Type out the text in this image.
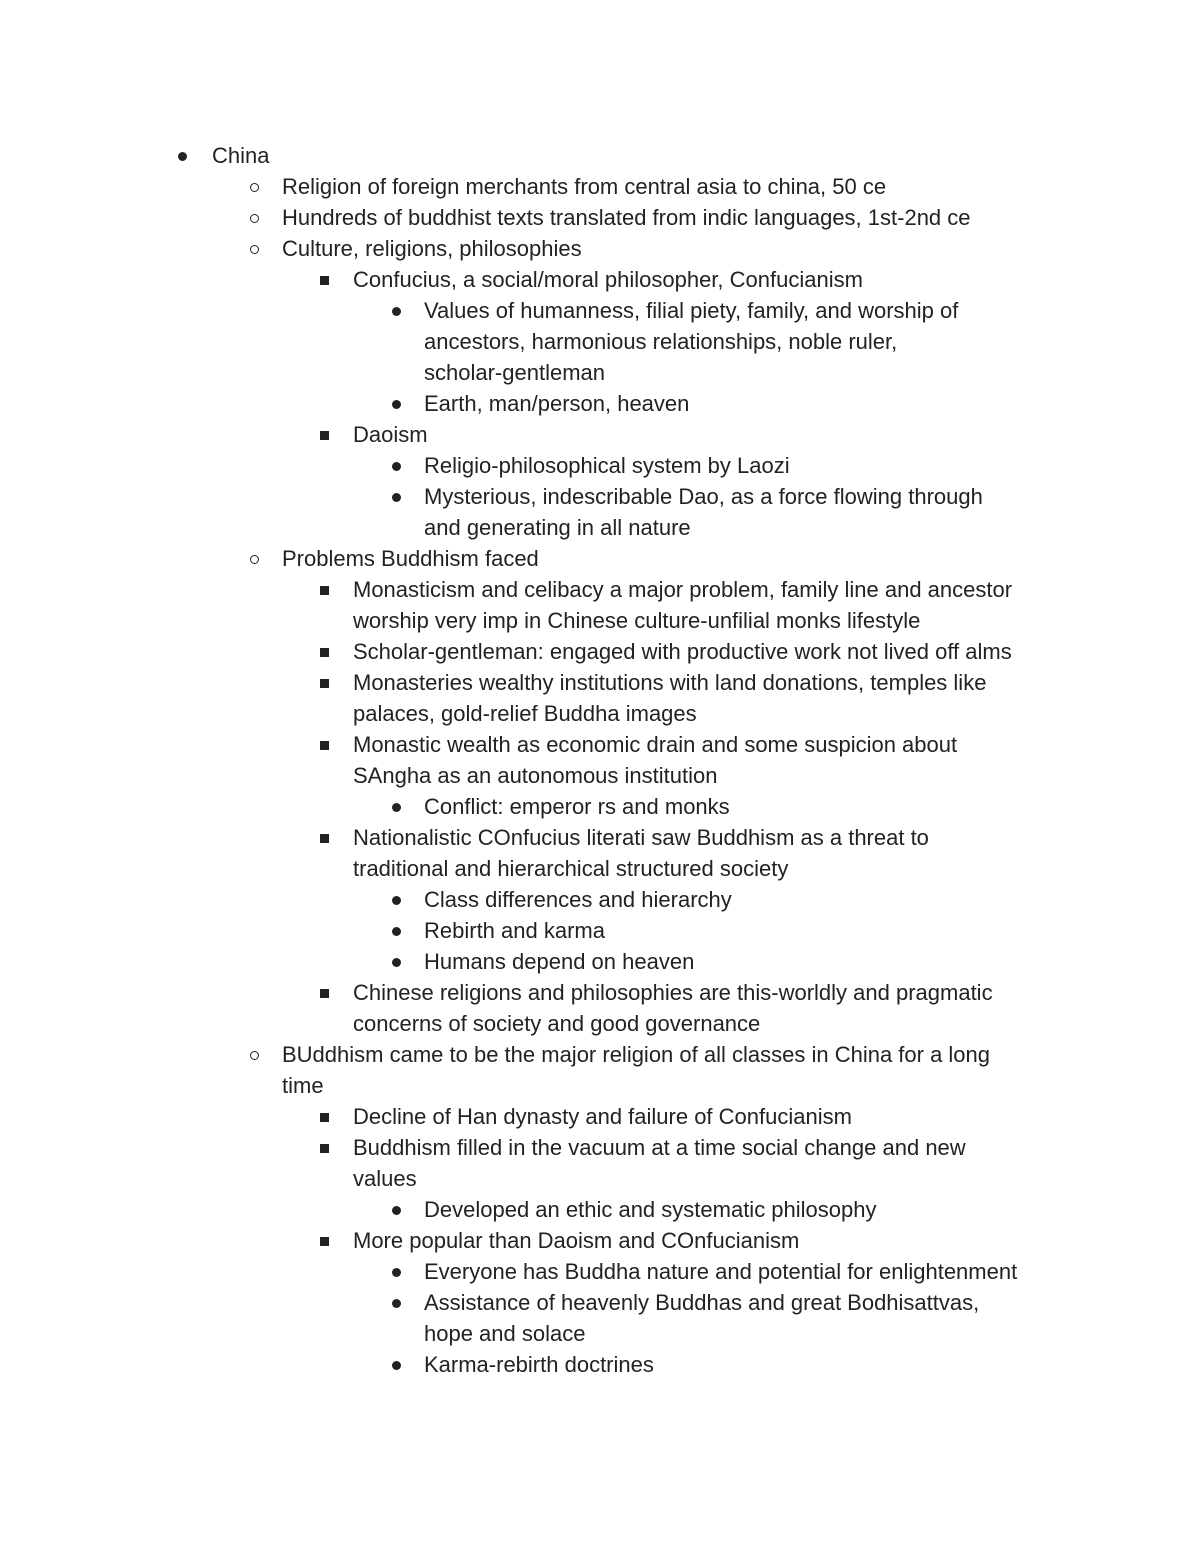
China
Religion of foreign merchants from central asia to china, 50 ce
Hundreds of buddhist texts translated from indic languages, 1st-2nd ce
Culture, religions, philosophies
Confucius, a social/moral philosopher, Confucianism
Values of humanness, filial piety, family, and worship of
ancestors, harmonious relationships, noble ruler,
scholar-gentleman
Earth, man/person, heaven
Daoism
Religio-philosophical system by Laozi
Mysterious, indescribable Dao, as a force flowing through
and generating in all nature
Problems Buddhism faced
Monasticism and celibacy a major problem, family line and ancestor
worship very imp in Chinese culture-unfilial monks lifestyle
Scholar-gentleman: engaged with productive work not lived off alms
Monasteries wealthy institutions with land donations, temples like
palaces, gold-relief Buddha images
Monastic wealth as economic drain and some suspicion about
SAngha as an autonomous institution
Conflict: emperor rs and monks
Nationalistic COnfucius literati saw Buddhism as a threat to
traditional and hierarchical structured society
Class differences and hierarchy
Rebirth and karma
Humans depend on heaven
Chinese religions and philosophies are this-worldly and pragmatic
concerns of society and good governance
BUddhism came to be the major religion of all classes in China for a long
time
Decline of Han dynasty and failure of Confucianism
Buddhism filled in the vacuum at a time social change and new
values
Developed an ethic and systematic philosophy
More popular than Daoism and COnfucianism
Everyone has Buddha nature and potential for enlightenment
Assistance of heavenly Buddhas and great Bodhisattvas,
hope and solace
Karma-rebirth doctrines
